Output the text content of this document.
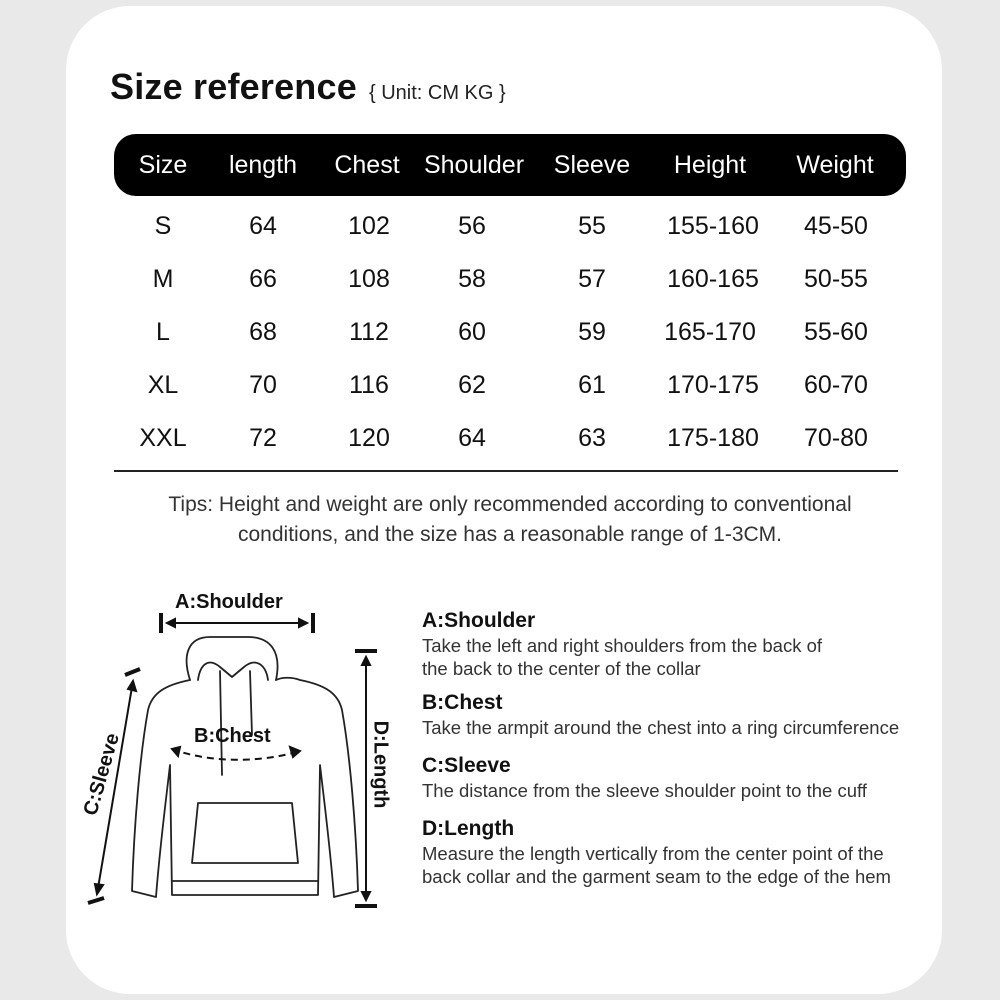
Size reference { Unit: CM KG }
Size length Chest Shoulder Sleeve Height Weight
S	64	102	56	55 155-160 45-50
M	66	108	58	57 160-165 50-55
L	68	112	60	59 165-170 55-60
XL	70	116	62	61 170-175 60-70
XXL 72	120	64	63 175-180 70-80
Tips: Height and weight are only recommended according to conventional conditions, and the size has a reasonable range of 1-3CM.
A:Shoulder
B:Chest
C:Sleeve	D:Length
A:Shoulder
Take the left and right shoulders from the back of
the back to the center of the collar
B:Chest
Take the armpit around the chest into a ring circumference
C:Sleeve
The distance from the sleeve shoulder point to the cuff
D:Length
Measure the length vertically from the center point of the
back collar and the garment seam to the edge of the hem
